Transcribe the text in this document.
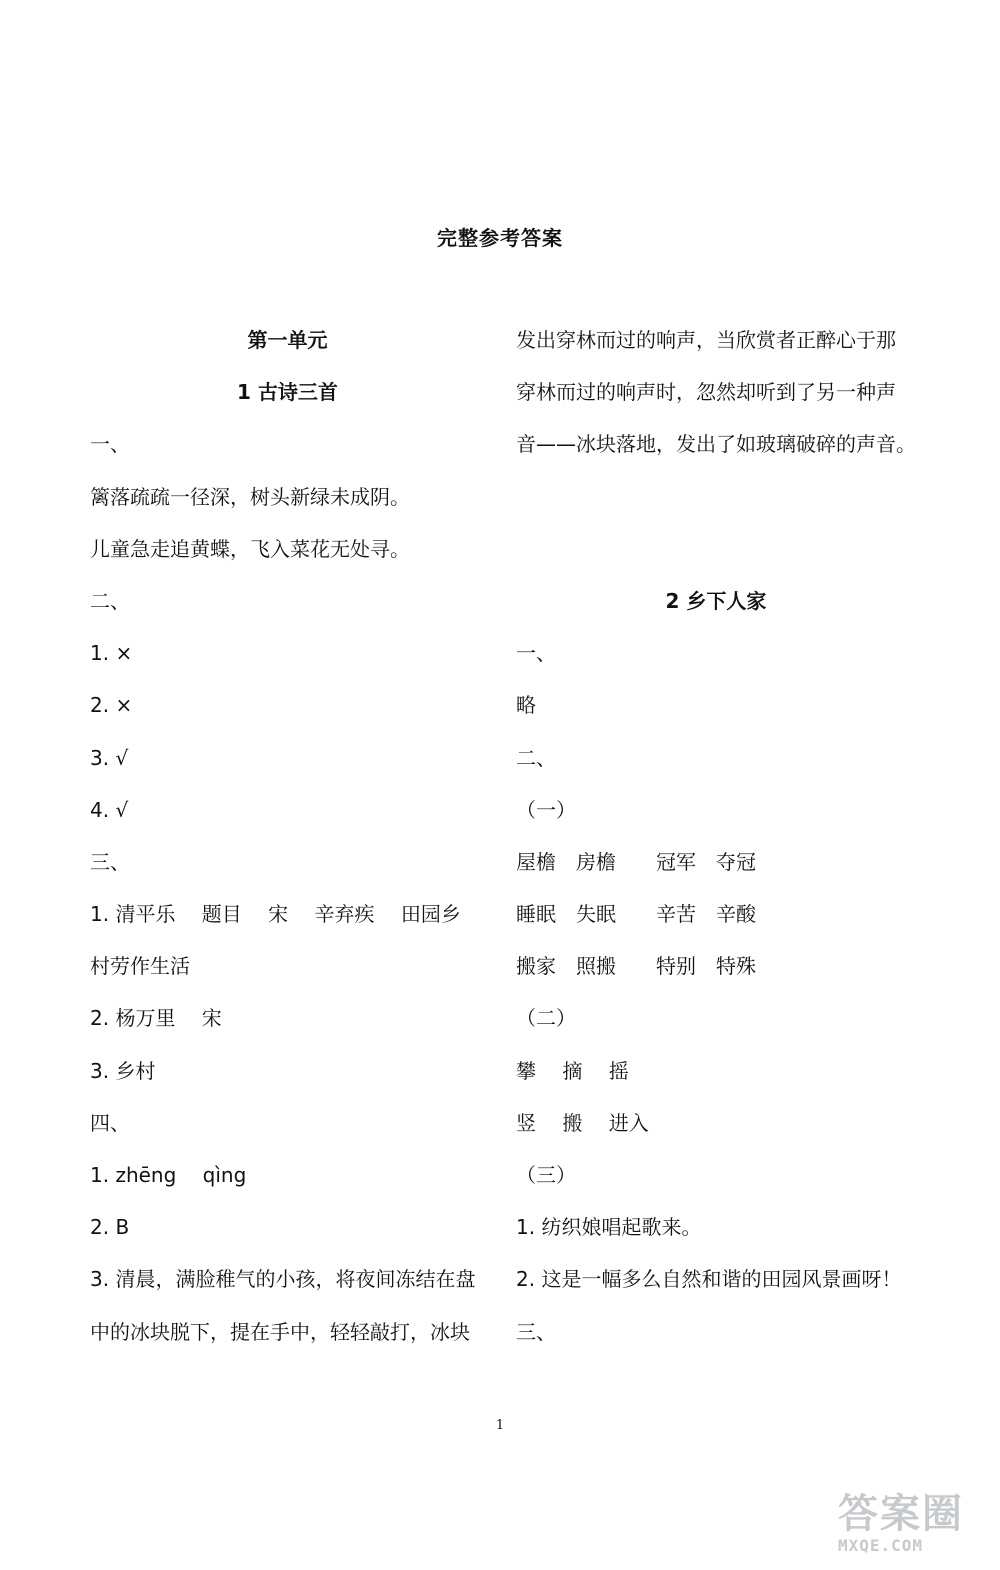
完整参考答案
第一单元
1 古诗三首
一、
篱落疏疏一径深，树头新绿未成阴。
儿童急走追黄蝶，飞入菜花无处寻。
二、
1. ×
2. ×
3. √
4. √
三、
1. 清平乐　 题目　 宋　 辛弃疾　 田园乡
村劳作生活
2. 杨万里　 宋
3. 乡村
四、
1. zhēng　 qìng
2. B
3. 清晨，满脸稚气的小孩，将夜间冻结在盘
中的冰块脱下，提在手中，轻轻敲打，冰块
发出穿林而过的响声，当欣赏者正醉心于那
穿林而过的响声时，忽然却听到了另一种声
音——冰块落地，发出了如玻璃破碎的声音。
2 乡下人家
一、
略
二、
（一）
屋檐　房檐　　冠军　夺冠
睡眠　失眠　　辛苦　辛酸
搬家　照搬　　特别　特殊
（二）
攀　 摘　 摇
竖　 搬　 进入
（三）
1. 纺织娘唱起歌来。
2. 这是一幅多么自然和谐的田园风景画呀！
三、
1
答案圈
MXQE.COM
